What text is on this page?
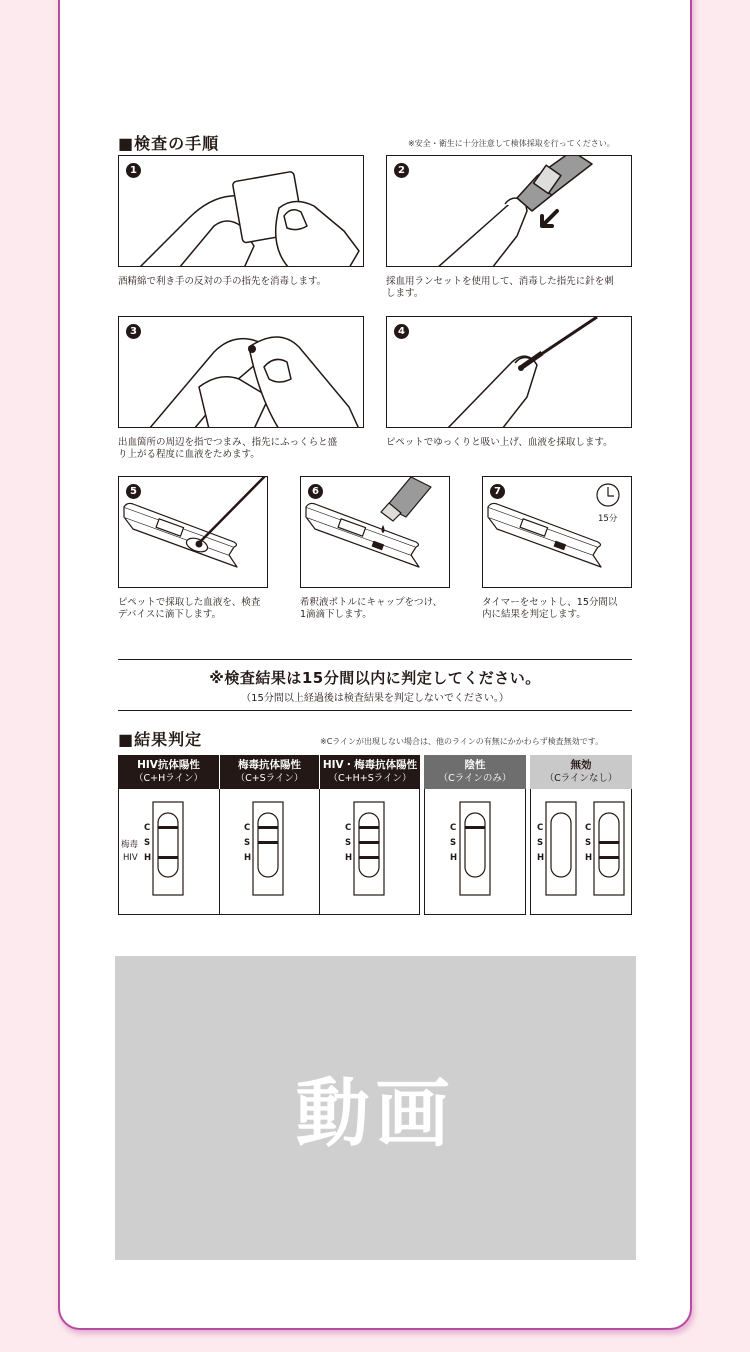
■検査の手順	※安全・衛生に十分注意して検体採取を行ってください。
1
酒精綿で利き手の反対の手の指先を消毒します。
2
採血用ランセットを使用して、消毒した指先に針を刺
します。
3
出血箇所の周辺を指でつまみ、指先にふっくらと盛
り上がる程度に血液をためます。
4
ピペットでゆっくりと吸い上げ、血液を採取します。
5
ピペットで採取した血液を、検査
デバイスに滴下します。
6
希釈液ボトルにキャップをつけ、
1滴滴下します。
15分
7
タイマーをセットし、15分間以
内に結果を判定します。
※検査結果は15分間以内に判定してください。
（15分間以上経過後は検査結果を判定しないでください。）
■結果判定	※Cラインが出現しない場合は、他のラインの有無にかかわらず検査無効です。
HIV抗体陽性
（C+Hライン）
梅毒抗体陽性
（C+Sライン）
HIV・梅毒抗体陽性
（C+H+Sライン）
陰性
（Cラインのみ）
無効
（Cラインなし）
C
S
H
梅毒
HIV
C
S
H
C
S
H
C
S
H
C
S
H
C
S
H
動画
